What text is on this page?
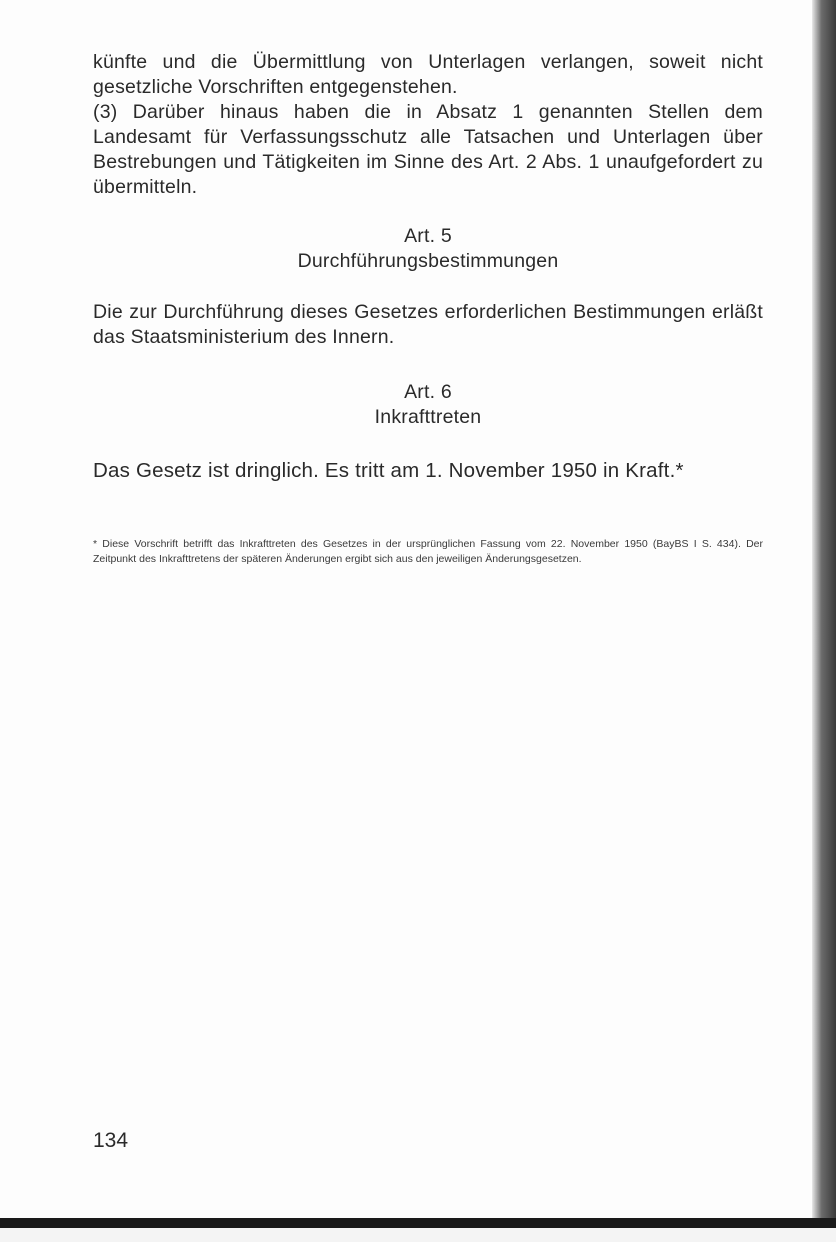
künfte und die Übermittlung von Unterlagen verlangen, soweit nicht gesetzliche Vorschriften entgegenstehen.

(3) Darüber hinaus haben die in Absatz 1 genannten Stellen dem Landesamt für Verfassungsschutz alle Tatsachen und Unterlagen über Bestrebungen und Tätigkeiten im Sinne des Art. 2 Abs. 1 unaufgefordert zu übermitteln.

Art. 5

Durchführungsbestimmungen

Die zur Durchführung dieses Gesetzes erforderlichen Bestimmungen erläßt das Staatsministerium des Innern.

Art. 6

Inkrafttreten

Das Gesetz ist dringlich. Es tritt am 1. November 1950 in Kraft.*

* Diese Vorschrift betrifft das Inkrafttreten des Gesetzes in der ursprünglichen Fassung vom 22. November 1950 (BayBS I S. 434). Der Zeitpunkt des Inkrafttretens der späteren Änderungen ergibt sich aus den jeweiligen Änderungsgesetzen.

134
